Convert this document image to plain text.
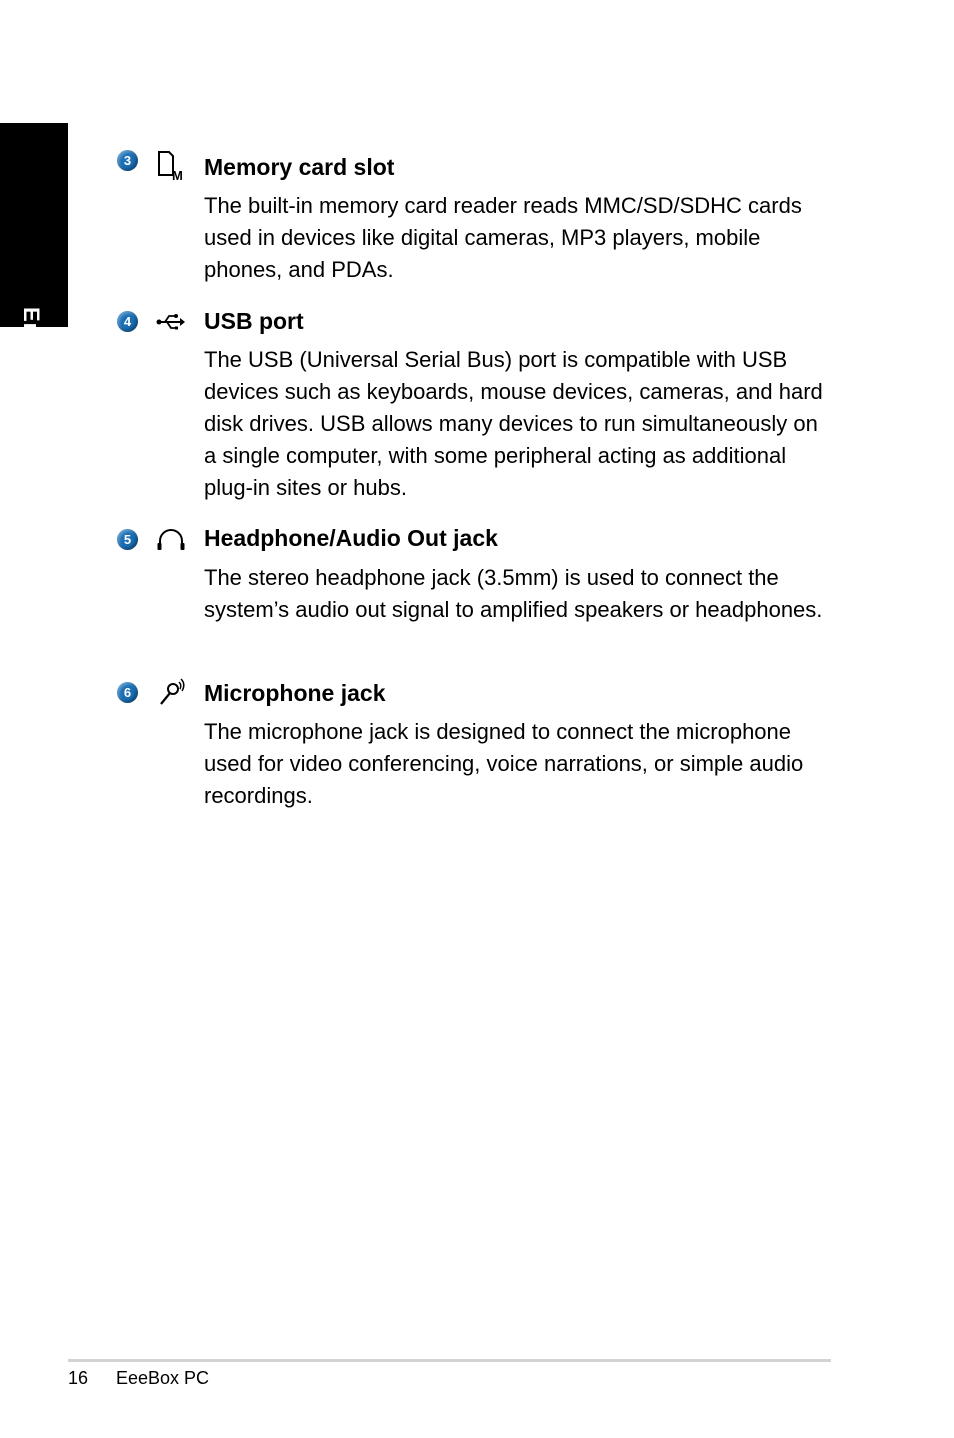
English
3
M Memory card slot

The built-in memory card reader reads MMC/SD/SDHC cards used in devices like digital cameras, MP3 players, mobile phones, and PDAs.

4	USB port

The USB (Universal Serial Bus) port is compatible with USB devices such as keyboards, mouse devices, cameras, and hard disk drives. USB allows many devices to run simultaneously on a single computer, with some peripheral acting as additional plug-in sites or hubs.

5	Headphone/Audio Out jack

The stereo headphone jack (3.5mm) is used to connect the system’s audio out signal to amplified speakers or headphones.

6	Microphone jack

The microphone jack is designed to connect the microphone used for video conferencing, voice narrations, or simple audio recordings.

16 EeeBox PC
